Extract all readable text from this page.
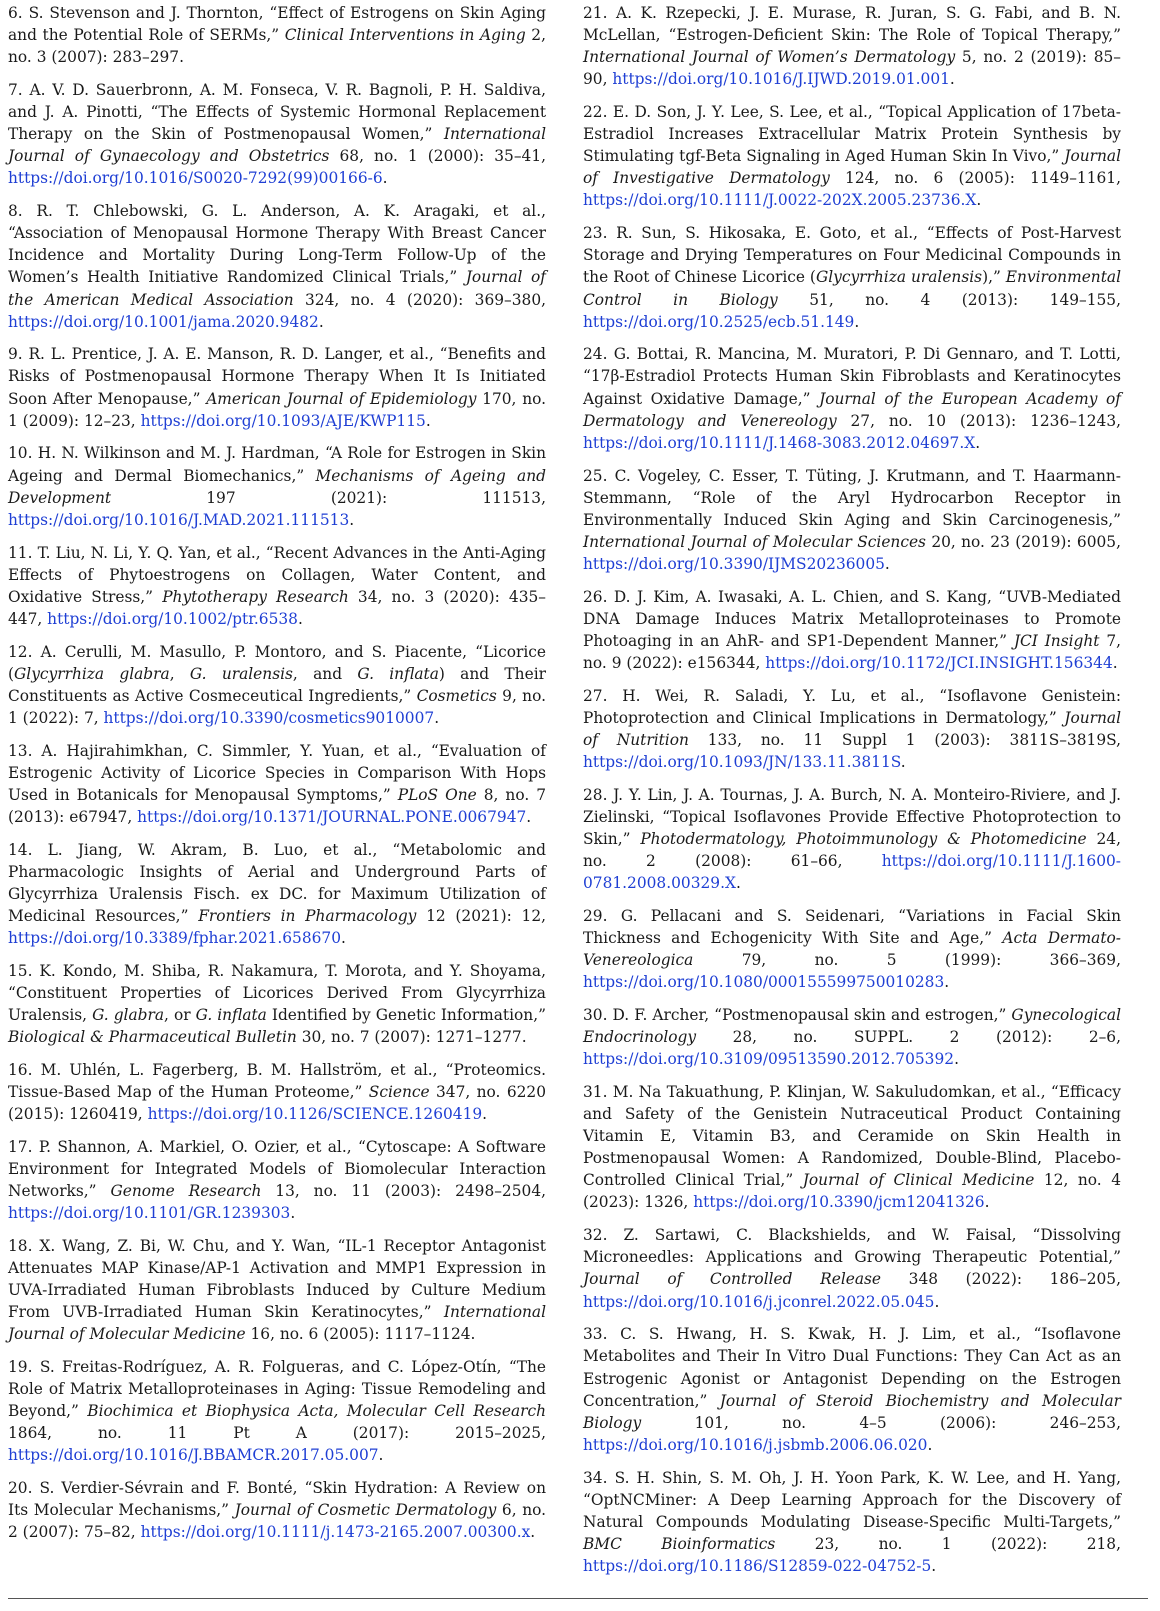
6. S. Stevenson and J. Thornton, “Effect of Estrogens on Skin Aging and the Potential Role of SERMs,” Clinical Interventions in Aging 2, no. 3 (2007): 283–297.

7. A. V. D. Sauerbronn, A. M. Fonseca, V. R. Bagnoli, P. H. Saldiva, and J. A. Pinotti, “The Effects of Systemic Hormonal Replacement Therapy on the Skin of Postmenopausal Women,” International Journal of Gynaecology and Obstetrics 68, no. 1 (2000): 35–41, https://doi.org/10.1016/S0020-7292(99)00166-6.

8. R. T. Chlebowski, G. L. Anderson, A. K. Aragaki, et al., “Association of Menopausal Hormone Therapy With Breast Cancer Incidence and Mortality During Long-Term Follow-Up of the Women’s Health Initiative Randomized Clinical Trials,” Journal of the American Medical Association 324, no. 4 (2020): 369–380, https://doi.org/10.1001/jama.2020.9482.

9. R. L. Prentice, J. A. E. Manson, R. D. Langer, et al., “Benefits and Risks of Postmenopausal Hormone Therapy When It Is Initiated Soon After Menopause,” American Journal of Epidemiology 170, no. 1 (2009): 12–23, https://doi.org/10.1093/AJE/KWP115.

10. H. N. Wilkinson and M. J. Hardman, “A Role for Estrogen in Skin Ageing and Dermal Biomechanics,” Mechanisms of Ageing and Development 197 (2021): 111513, https://doi.org/10.1016/J.MAD.2021.111513.

11. T. Liu, N. Li, Y. Q. Yan, et al., “Recent Advances in the Anti-Aging Effects of Phytoestrogens on Collagen, Water Content, and Oxidative Stress,” Phytotherapy Research 34, no. 3 (2020): 435–447, https://doi.org/10.1002/ptr.6538.

12. A. Cerulli, M. Masullo, P. Montoro, and S. Piacente, “Licorice (Glycyrrhiza glabra, G. uralensis, and G. inflata) and Their Constituents as Active Cosmeceutical Ingredients,” Cosmetics 9, no. 1 (2022): 7, https://doi.org/10.3390/cosmetics9010007.

13. A. Hajirahimkhan, C. Simmler, Y. Yuan, et al., “Evaluation of Estrogenic Activity of Licorice Species in Comparison With Hops Used in Botanicals for Menopausal Symptoms,” PLoS One 8, no. 7 (2013): e67947, https://doi.org/10.1371/JOURNAL.PONE.0067947.

14. L. Jiang, W. Akram, B. Luo, et al., “Metabolomic and Pharmacologic Insights of Aerial and Underground Parts of Glycyrrhiza Uralensis Fisch. ex DC. for Maximum Utilization of Medicinal Resources,” Frontiers in Pharmacology 12 (2021): 12, https://doi.org/10.3389/fphar.2021.658670.

15. K. Kondo, M. Shiba, R. Nakamura, T. Morota, and Y. Shoyama, “Constituent Properties of Licorices Derived From Glycyrrhiza Uralensis, G. glabra, or G. inflata Identified by Genetic Information,” Biological & Pharmaceutical Bulletin 30, no. 7 (2007): 1271–1277.

16. M. Uhlén, L. Fagerberg, B. M. Hallström, et al., “Proteomics. Tissue-Based Map of the Human Proteome,” Science 347, no. 6220 (2015): 1260419, https://doi.org/10.1126/SCIENCE.1260419.

17. P. Shannon, A. Markiel, O. Ozier, et al., “Cytoscape: A Software Environment for Integrated Models of Biomolecular Interaction Networks,” Genome Research 13, no. 11 (2003): 2498–2504, https://doi.org/10.1101/GR.1239303.

18. X. Wang, Z. Bi, W. Chu, and Y. Wan, “IL-1 Receptor Antagonist Attenuates MAP Kinase/AP-1 Activation and MMP1 Expression in UVA-Irradiated Human Fibroblasts Induced by Culture Medium From UVB-Irradiated Human Skin Keratinocytes,” International Journal of Molecular Medicine 16, no. 6 (2005): 1117–1124.

19. S. Freitas-Rodríguez, A. R. Folgueras, and C. López-Otín, “The Role of Matrix Metalloproteinases in Aging: Tissue Remodeling and Beyond,” Biochimica et Biophysica Acta, Molecular Cell Research 1864, no. 11 Pt A (2017): 2015–2025, https://doi.org/10.1016/J.BBAMCR.2017.05.007.

20. S. Verdier-Sévrain and F. Bonté, “Skin Hydration: A Review on Its Molecular Mechanisms,” Journal of Cosmetic Dermatology 6, no. 2 (2007): 75–82, https://doi.org/10.1111/j.1473-2165.2007.00300.x.

21. A. K. Rzepecki, J. E. Murase, R. Juran, S. G. Fabi, and B. N. McLellan, “Estrogen-Deficient Skin: The Role of Topical Therapy,” International Journal of Women’s Dermatology 5, no. 2 (2019): 85–90, https://doi.org/10.1016/J.IJWD.2019.01.001.

22. E. D. Son, J. Y. Lee, S. Lee, et al., “Topical Application of 17beta-Estradiol Increases Extracellular Matrix Protein Synthesis by Stimulating tgf-Beta Signaling in Aged Human Skin In Vivo,” Journal of Investigative Dermatology 124, no. 6 (2005): 1149–1161, https://doi.org/10.1111/J.0022-202X.2005.23736.X.

23. R. Sun, S. Hikosaka, E. Goto, et al., “Effects of Post-Harvest Storage and Drying Temperatures on Four Medicinal Compounds in the Root of Chinese Licorice (Glycyrrhiza uralensis),” Environmental Control in Biology 51, no. 4 (2013): 149–155, https://doi.org/10.2525/ecb.51.149.

24. G. Bottai, R. Mancina, M. Muratori, P. Di Gennaro, and T. Lotti, “17β-Estradiol Protects Human Skin Fibroblasts and Keratinocytes Against Oxidative Damage,” Journal of the European Academy of Dermatology and Venereology 27, no. 10 (2013): 1236–1243, https://doi.org/10.1111/J.1468-3083.2012.04697.X.

25. C. Vogeley, C. Esser, T. Tüting, J. Krutmann, and T. Haarmann-Stemmann, “Role of the Aryl Hydrocarbon Receptor in Environmentally Induced Skin Aging and Skin Carcinogenesis,” International Journal of Molecular Sciences 20, no. 23 (2019): 6005, https://doi.org/10.3390/IJMS20236005.

26. D. J. Kim, A. Iwasaki, A. L. Chien, and S. Kang, “UVB-Mediated DNA Damage Induces Matrix Metalloproteinases to Promote Photoaging in an AhR- and SP1-Dependent Manner,” JCI Insight 7, no. 9 (2022): e156344, https://doi.org/10.1172/JCI.INSIGHT.156344.

27. H. Wei, R. Saladi, Y. Lu, et al., “Isoflavone Genistein: Photoprotection and Clinical Implications in Dermatology,” Journal of Nutrition 133, no. 11 Suppl 1 (2003): 3811S–3819S, https://doi.org/10.1093/JN/133.11.3811S.

28. J. Y. Lin, J. A. Tournas, J. A. Burch, N. A. Monteiro-Riviere, and J. Zielinski, “Topical Isoflavones Provide Effective Photoprotection to Skin,” Photodermatology, Photoimmunology & Photomedicine 24, no. 2 (2008): 61–66, https://doi.org/10.1111/J.1600-0781.2008.00329.X.

29. G. Pellacani and S. Seidenari, “Variations in Facial Skin Thickness and Echogenicity With Site and Age,” Acta Dermato-Venereologica 79, no. 5 (1999): 366–369, https://doi.org/10.1080/000155599750010283.

30. D. F. Archer, “Postmenopausal skin and estrogen,” Gynecological Endocrinology 28, no. SUPPL. 2 (2012): 2–6, https://doi.org/10.3109/09513590.2012.705392.

31. M. Na Takuathung, P. Klinjan, W. Sakuludomkan, et al., “Efficacy and Safety of the Genistein Nutraceutical Product Containing Vitamin E, Vitamin B3, and Ceramide on Skin Health in Postmenopausal Women: A Randomized, Double-Blind, Placebo-Controlled Clinical Trial,” Journal of Clinical Medicine 12, no. 4 (2023): 1326, https://doi.org/10.3390/jcm12041326.

32. Z. Sartawi, C. Blackshields, and W. Faisal, “Dissolving Microneedles: Applications and Growing Therapeutic Potential,” Journal of Controlled Release 348 (2022): 186–205, https://doi.org/10.1016/j.jconrel.2022.05.045.

33. C. S. Hwang, H. S. Kwak, H. J. Lim, et al., “Isoflavone Metabolites and Their In Vitro Dual Functions: They Can Act as an Estrogenic Agonist or Antagonist Depending on the Estrogen Concentration,” Journal of Steroid Biochemistry and Molecular Biology 101, no. 4–5 (2006): 246–253, https://doi.org/10.1016/j.jsbmb.2006.06.020.

34. S. H. Shin, S. M. Oh, J. H. Yoon Park, K. W. Lee, and H. Yang, “OptNCMiner: A Deep Learning Approach for the Discovery of Natural Compounds Modulating Disease-Specific Multi-Targets,” BMC Bioinformatics 23, no. 1 (2022): 218, https://doi.org/10.1186/S12859-022-04752-5.
